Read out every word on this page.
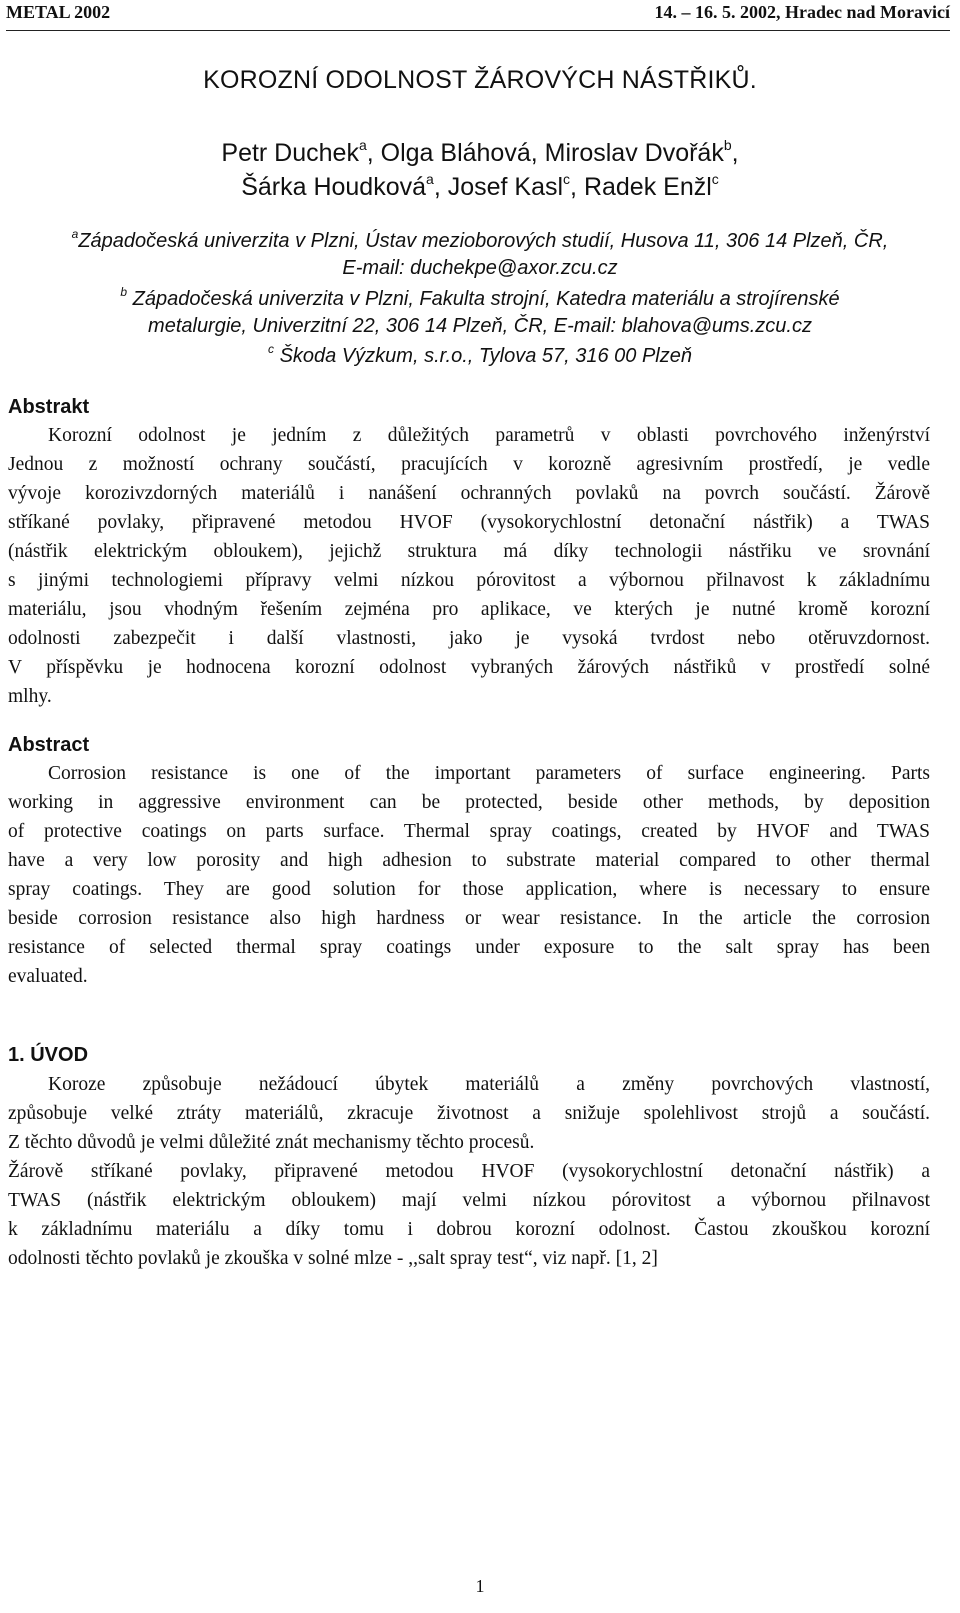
METAL 2002	14. – 16. 5. 2002, Hradec nad Moravicí
KOROZNÍ ODOLNOST ŽÁROVÝCH NÁSTŘIKŮ.
Petr Duchek$^a$, Olga Bláhová, Miroslav Dvořák$^b$,
Šárka Houdková$^a$, Josef Kasl$^c$, Radek Enžl$^c$
$^a$Západočeská univerzita v Plzni, Ústav mezioborových studií, Husova 11, 306 14 Plzeň, ČR,
E-mail: duchekpe@axor.zcu.cz
$^b$ Západočeská univerzita v Plzni, Fakulta strojní, Katedra materiálu a strojírenské
metalurgie, Univerzitní 22, 306 14 Plzeň, ČR, E-mail: blahova@ums.zcu.cz
$^c$ Škoda Výzkum, s.r.o., Tylova 57, 316 00 Plzeň
Abstrakt
Korozní odolnost je jedním z důležitých parametrů v oblasti povrchového inženýrství
Jednou z možností ochrany součástí, pracujících v korozně agresivním prostředí, je vedle
vývoje korozivzdorných materiálů i nanášení ochranných povlaků na povrch součástí. Žárově
stříkané povlaky, připravené metodou HVOF (vysokorychlostní detonační nástřik) a TWAS
(nástřik elektrickým obloukem), jejichž struktura má díky technologii nástřiku ve srovnání
s jinými technologiemi přípravy velmi nízkou pórovitost a výbornou přilnavost k základnímu
materiálu, jsou vhodným řešením zejména pro aplikace, ve kterých je nutné kromě korozní
odolnosti zabezpečit i další vlastnosti, jako je vysoká tvrdost nebo otěruvzdornost.
V příspěvku je hodnocena korozní odolnost vybraných žárových nástřiků v prostředí solné
mlhy.
Abstract
Corrosion resistance is one of the important parameters of surface engineering. Parts
working in aggressive environment can be protected, beside other methods, by deposition
of protective coatings on parts surface. Thermal spray coatings, created by HVOF and TWAS
have a very low porosity and high adhesion to substrate material compared to other thermal
spray coatings. They are good solution for those application, where is necessary to ensure
beside corrosion resistance also high hardness or wear resistance. In the article the corrosion
resistance of selected thermal spray coatings under exposure to the salt spray has been
evaluated.
1. ÚVOD
Koroze způsobuje nežádoucí úbytek materiálů a změny povrchových vlastností,
způsobuje velké ztráty materiálů, zkracuje životnost a snižuje spolehlivost strojů a součástí.
Z těchto důvodů je velmi důležité znát mechanismy těchto procesů.
Žárově stříkané povlaky, připravené metodou HVOF (vysokorychlostní detonační nástřik) a
TWAS (nástřik elektrickým obloukem) mají velmi nízkou pórovitost a výbornou přilnavost
k základnímu materiálu a díky tomu i dobrou korozní odolnost. Častou zkouškou korozní
odolnosti těchto povlaků je zkouška v solné mlze - ,,salt spray test“, viz např. [1, 2]
1
